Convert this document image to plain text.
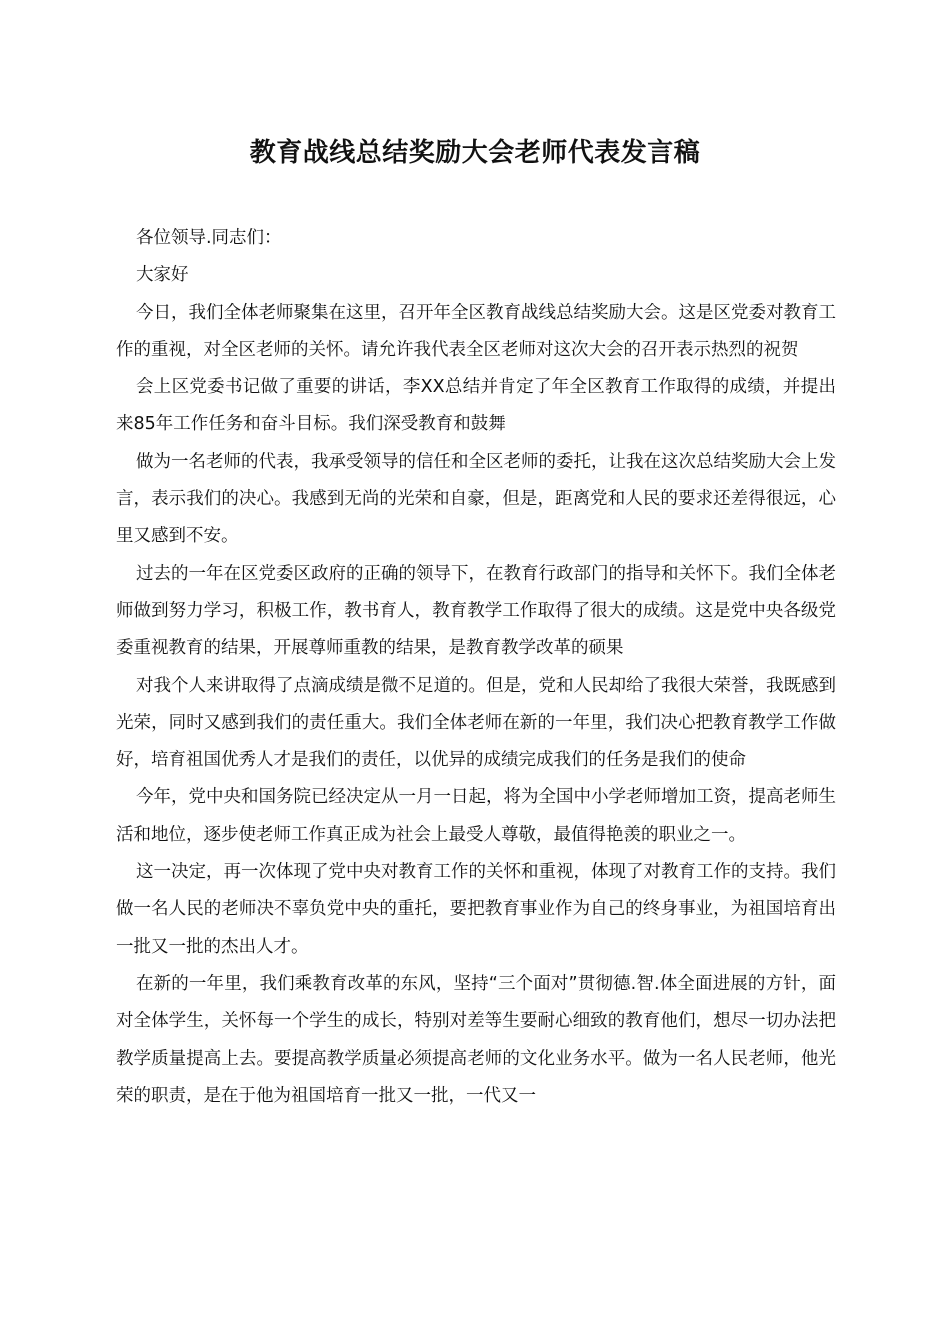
教育战线总结奖励大会老师代表发言稿

各位领导.同志们：

大家好

今日，我们全体老师聚集在这里，召开年全区教育战线总结奖励大会。这是区党委对教育工作的重视，对全区老师的关怀。请允许我代表全区老师对这次大会的召开表示热烈的祝贺

会上区党委书记做了重要的讲话，李XX总结并肯定了年全区教育工作取得的成绩，并提出来85年工作任务和奋斗目标。我们深受教育和鼓舞

做为一名老师的代表，我承受领导的信任和全区老师的委托，让我在这次总结奖励大会上发言，表示我们的决心。我感到无尚的光荣和自豪，但是，距离党和人民的要求还差得很远，心里又感到不安。

过去的一年在区党委区政府的正确的领导下，在教育行政部门的指导和关怀下。我们全体老师做到努力学习，积极工作，教书育人，教育教学工作取得了很大的成绩。这是党中央各级党委重视教育的结果，开展尊师重教的结果，是教育教学改革的硕果

对我个人来讲取得了点滴成绩是微不足道的。但是，党和人民却给了我很大荣誉，我既感到光荣，同时又感到我们的责任重大。我们全体老师在新的一年里，我们决心把教育教学工作做好，培育祖国优秀人才是我们的责任，以优异的成绩完成我们的任务是我们的使命

今年，党中央和国务院已经决定从一月一日起，将为全国中小学老师增加工资，提高老师生活和地位，逐步使老师工作真正成为社会上最受人尊敬，最值得艳羡的职业之一。

这一决定，再一次体现了党中央对教育工作的关怀和重视，体现了对教育工作的支持。我们做一名人民的老师决不辜负党中央的重托，要把教育事业作为自己的终身事业，为祖国培育出一批又一批的杰出人才。

在新的一年里，我们乘教育改革的东风，坚持“三个面对”贯彻德.智.体全面进展的方针，面对全体学生，关怀每一个学生的成长，特别对差等生要耐心细致的教育他们，想尽一切办法把教学质量提高上去。要提高教学质量必须提高老师的文化业务水平。做为一名人民老师，他光荣的职责，是在于他为祖国培育一批又一批，一代又一
